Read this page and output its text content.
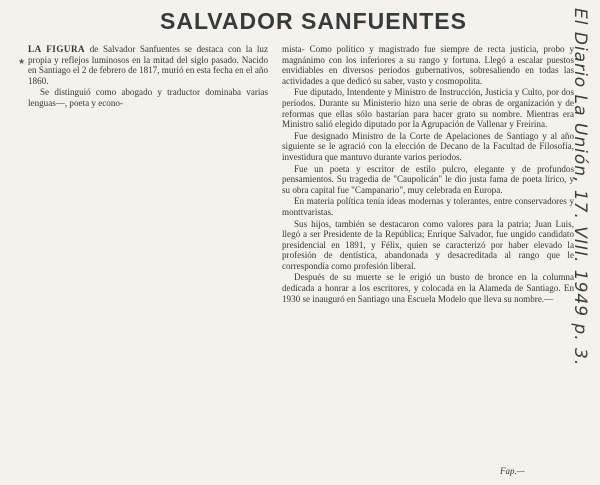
SALVADOR SANFUENTES
★

LA FIGURA de Salvador Sanfuentes se destaca con la luz propia y reflejos luminosos en la mitad del siglo pasado. Nacido en Santiago el 2 de febrero de 1817, murió en esta fecha en el año 1860.

Se distinguió como abogado y traductor dominaba varias lenguas—, poeta y econo-

mista- Como político y magistrado fue siempre de recta justicia, probo y magnánimo con los inferiores a su rango y fortuna. Llegó a escalar puestos envidiables en diversos períodos gubernativos, sobresaliendo en todas las actividades a que dedicó su saber, vasto y cosmopolita.

Fue diputado, Intendente y Ministro de Instrucción, Justicia y Culto, por dos períodos. Durante su Ministerio hizo una serie de obras de organización y de reformas que ellas sólo bastarían para hacer grato su nombre. Mientras era Ministro salió elegido diputado por la Agrupación de Vallenar y Freirina.

Fue designado Ministro de la Corte de Apelaciones de Santiago y al año siguiente se le agració con la elección de Decano de la Facultad de Filosofía, investidura que mantuvo durante varios períodos.

Fue un poeta y escritor de estilo pulcro, elegante y de profundos pensamientos. Su tragedia de "Caupolicán" le dio justa fama de poeta lírico, y su obra capital fue "Campanario", muy celebrada en Europa.

En materia política tenía ideas modernas y tolerantes, entre conservadores y monttvaristas.

Sus hijos, también se destacaron como valores para la patria; Juan Luis, llegó a ser Presidente de la República; Enrique Salvador, fue ungido candidato presidencial en 1891, y Félix, quien se caracterizó por haber elevado la profesión de dentística, abandonada y desacreditada al rango que le correspondía como profesión liberal.

Después de su muerte se le erigió un busto de bronce en la columna dedicada a honrar a los escritores, y colocada en la Alameda de Santiago. En 1930 se inauguró en Santiago una Escuela Modelo que lleva su nombre.—

Fap.—
El Diario La Unión, 17. VIII. 1949 p. 3.
